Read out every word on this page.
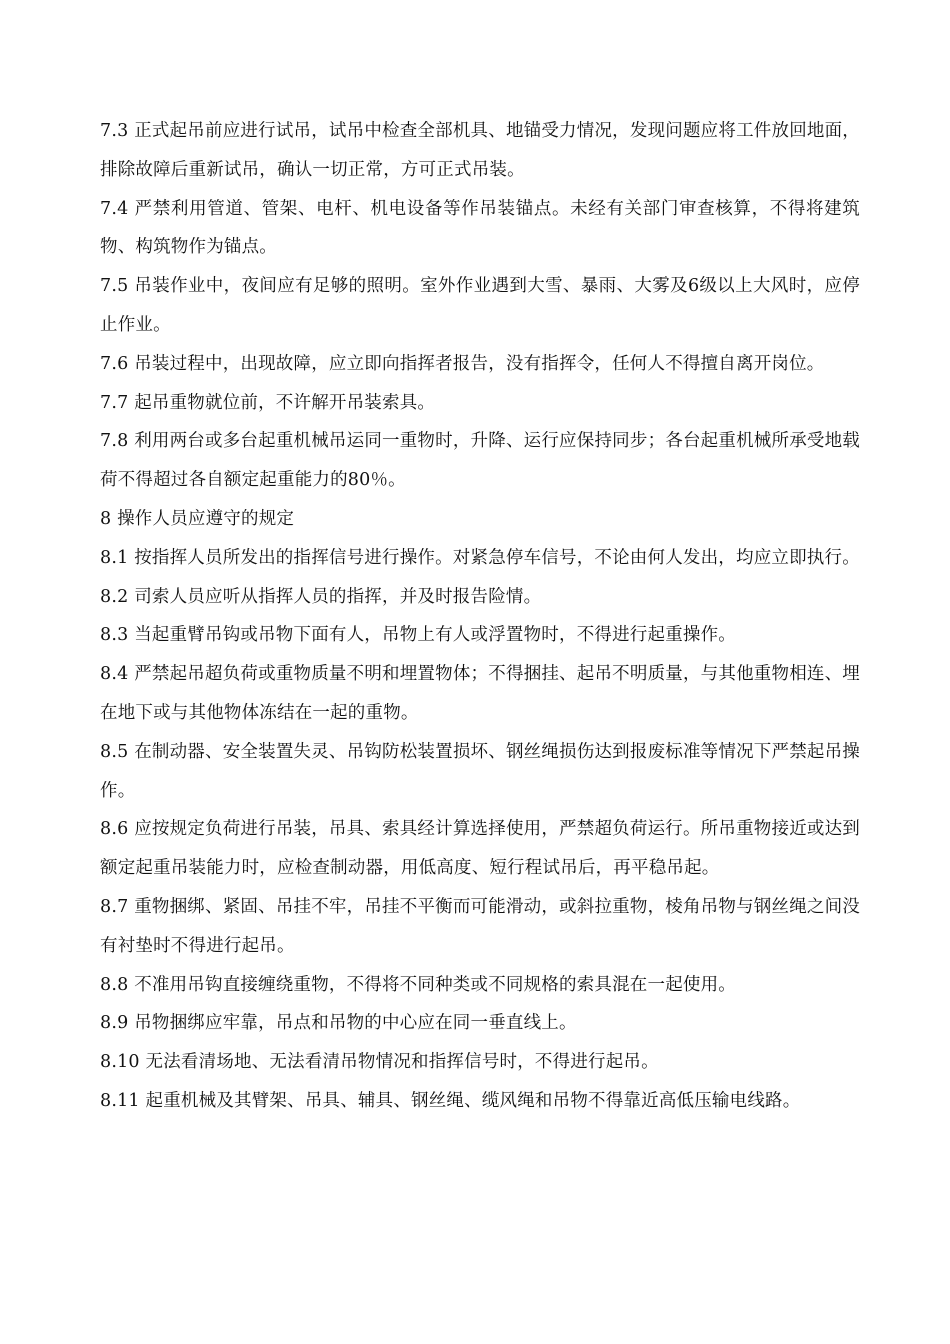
7.3 正式起吊前应进行试吊，试吊中检查全部机具、地锚受力情况，发现问题应将工件放回地面，排除故障后重新试吊，确认一切正常，方可正式吊装。

7.4 严禁利用管道、管架、电杆、机电设备等作吊装锚点。未经有关部门审查核算，不得将建筑物、构筑物作为锚点。

7.5 吊装作业中，夜间应有足够的照明。室外作业遇到大雪、暴雨、大雾及6级以上大风时，应停止作业。

7.6 吊装过程中，出现故障，应立即向指挥者报告，没有指挥令，任何人不得擅自离开岗位。

7.7 起吊重物就位前，不许解开吊装索具。

7.8 利用两台或多台起重机械吊运同一重物时，升降、运行应保持同步；各台起重机械所承受地载荷不得超过各自额定起重能力的80％。

8 操作人员应遵守的规定

8.1 按指挥人员所发出的指挥信号进行操作。对紧急停车信号，不论由何人发出，均应立即执行。

8.2 司索人员应听从指挥人员的指挥，并及时报告险情。

8.3 当起重臂吊钩或吊物下面有人，吊物上有人或浮置物时，不得进行起重操作。

8.4 严禁起吊超负荷或重物质量不明和埋置物体；不得捆挂、起吊不明质量，与其他重物相连、埋在地下或与其他物体冻结在一起的重物。

8.5 在制动器、安全装置失灵、吊钩防松装置损坏、钢丝绳损伤达到报废标准等情况下严禁起吊操作。

8.6 应按规定负荷进行吊装，吊具、索具经计算选择使用，严禁超负荷运行。所吊重物接近或达到额定起重吊装能力时，应检查制动器，用低高度、短行程试吊后，再平稳吊起。

8.7 重物捆绑、紧固、吊挂不牢，吊挂不平衡而可能滑动，或斜拉重物，棱角吊物与钢丝绳之间没有衬垫时不得进行起吊。

8.8 不准用吊钩直接缠绕重物，不得将不同种类或不同规格的索具混在一起使用。

8.9 吊物捆绑应牢靠，吊点和吊物的中心应在同一垂直线上。

8.10 无法看清场地、无法看清吊物情况和指挥信号时，不得进行起吊。

8.11 起重机械及其臂架、吊具、辅具、钢丝绳、缆风绳和吊物不得靠近高低压输电线路。
